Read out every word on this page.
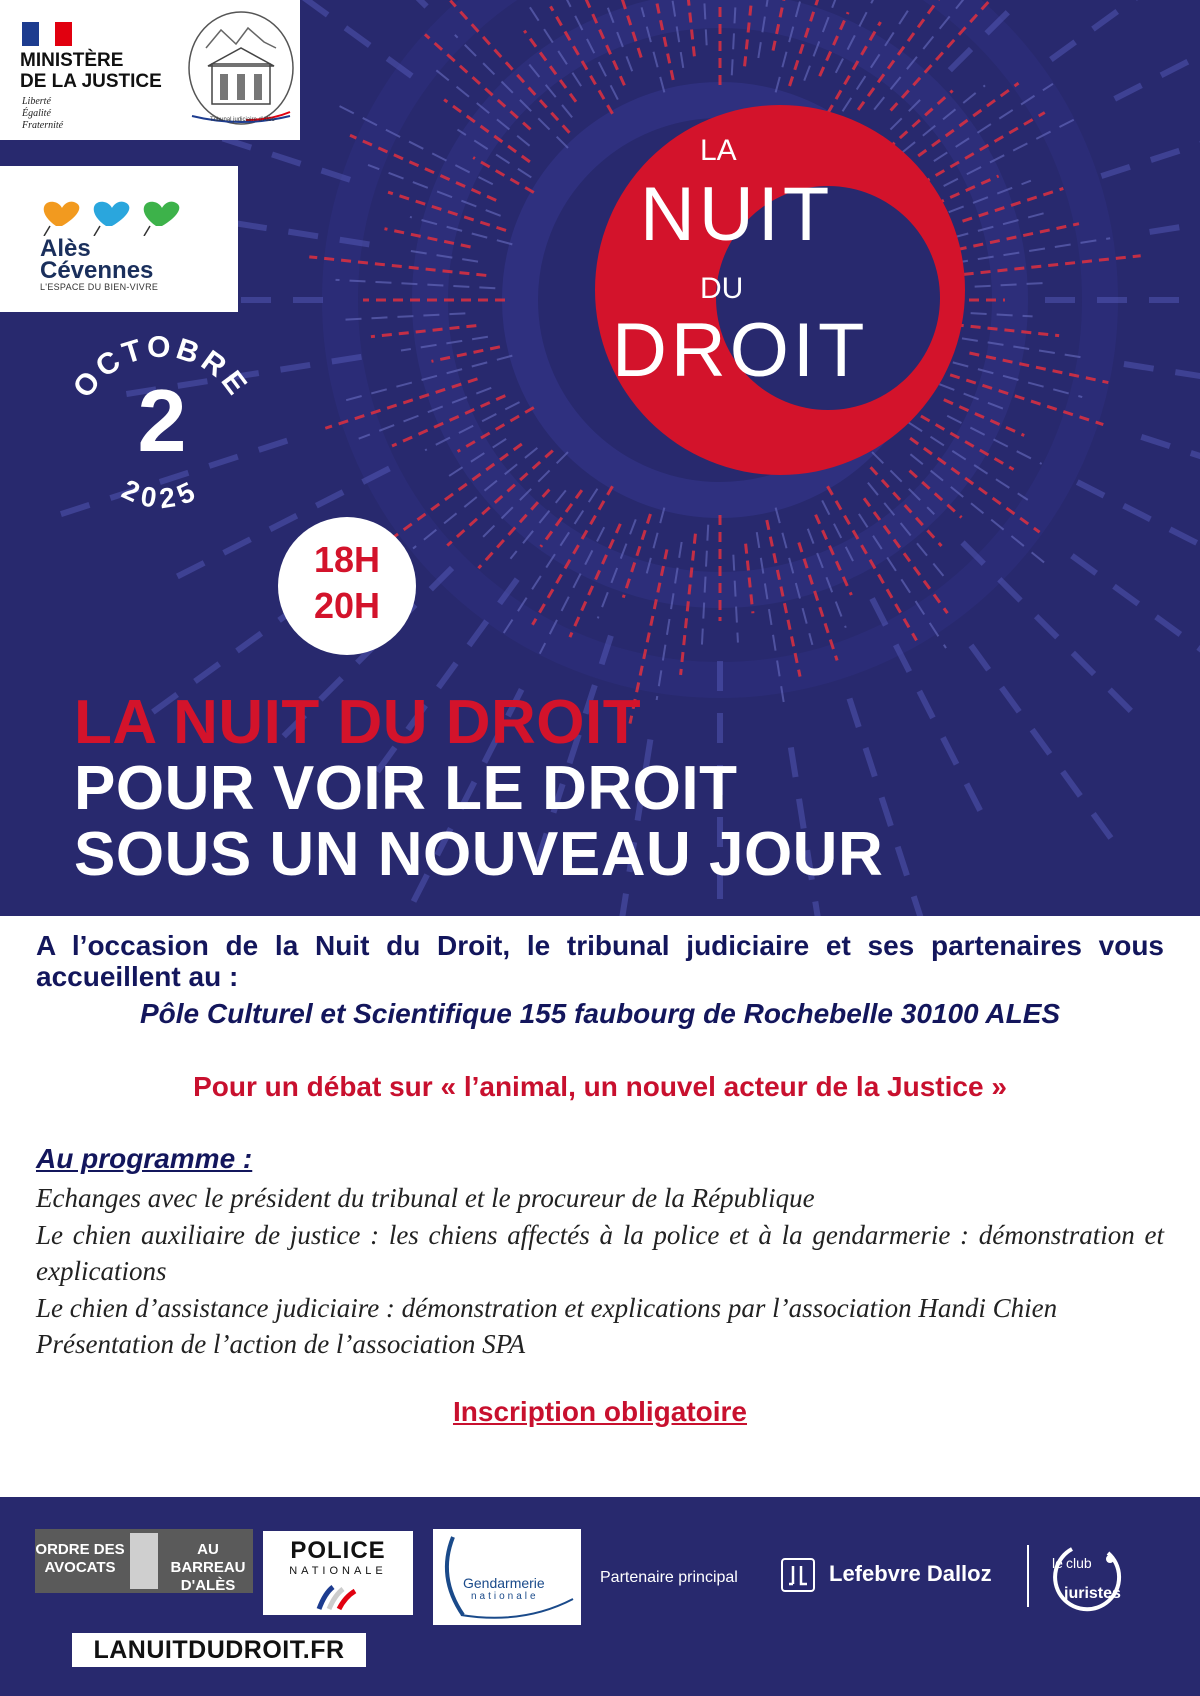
MINISTÈRE
DE LA JUSTICE
Liberté
Égalité
Fraternité	Tribunal judiciaire d'Alès
Alès
Cévennes
L'ESPACE DU BIEN-VIVRE
OCTOBRE
2025
2
18H
20H
LA
NUIT
DU
DROIT
LA NUIT DU DROIT
POUR VOIR LE DROIT
SOUS UN NOUVEAU JOUR
A l’occasion de la Nuit du Droit, le tribunal judiciaire et ses partenaires vous accueillent au :
Pôle Culturel et Scientifique 155 faubourg de Rochebelle 30100 ALES
Pour un débat sur « l’animal, un nouvel acteur de la Justice »
Au programme :
Echanges avec le président du tribunal et le procureur de la République
Le chien auxiliaire de justice : les chiens affectés à la police et à la gendarmerie : démonstration et explications
Le chien d’assistance judiciaire : démonstration et explications par l’association Handi Chien
Présentation de l’action de l’association SPA
Inscription obligatoire
ORDRE DES AVOCATS
AU BARREAU D'ALÈS
POLICE
NATIONALE
Gendarmerie
nationale
LANUITDUDROIT.FR
Partenaire principal	Lefebvre Dalloz	le club
juristes
